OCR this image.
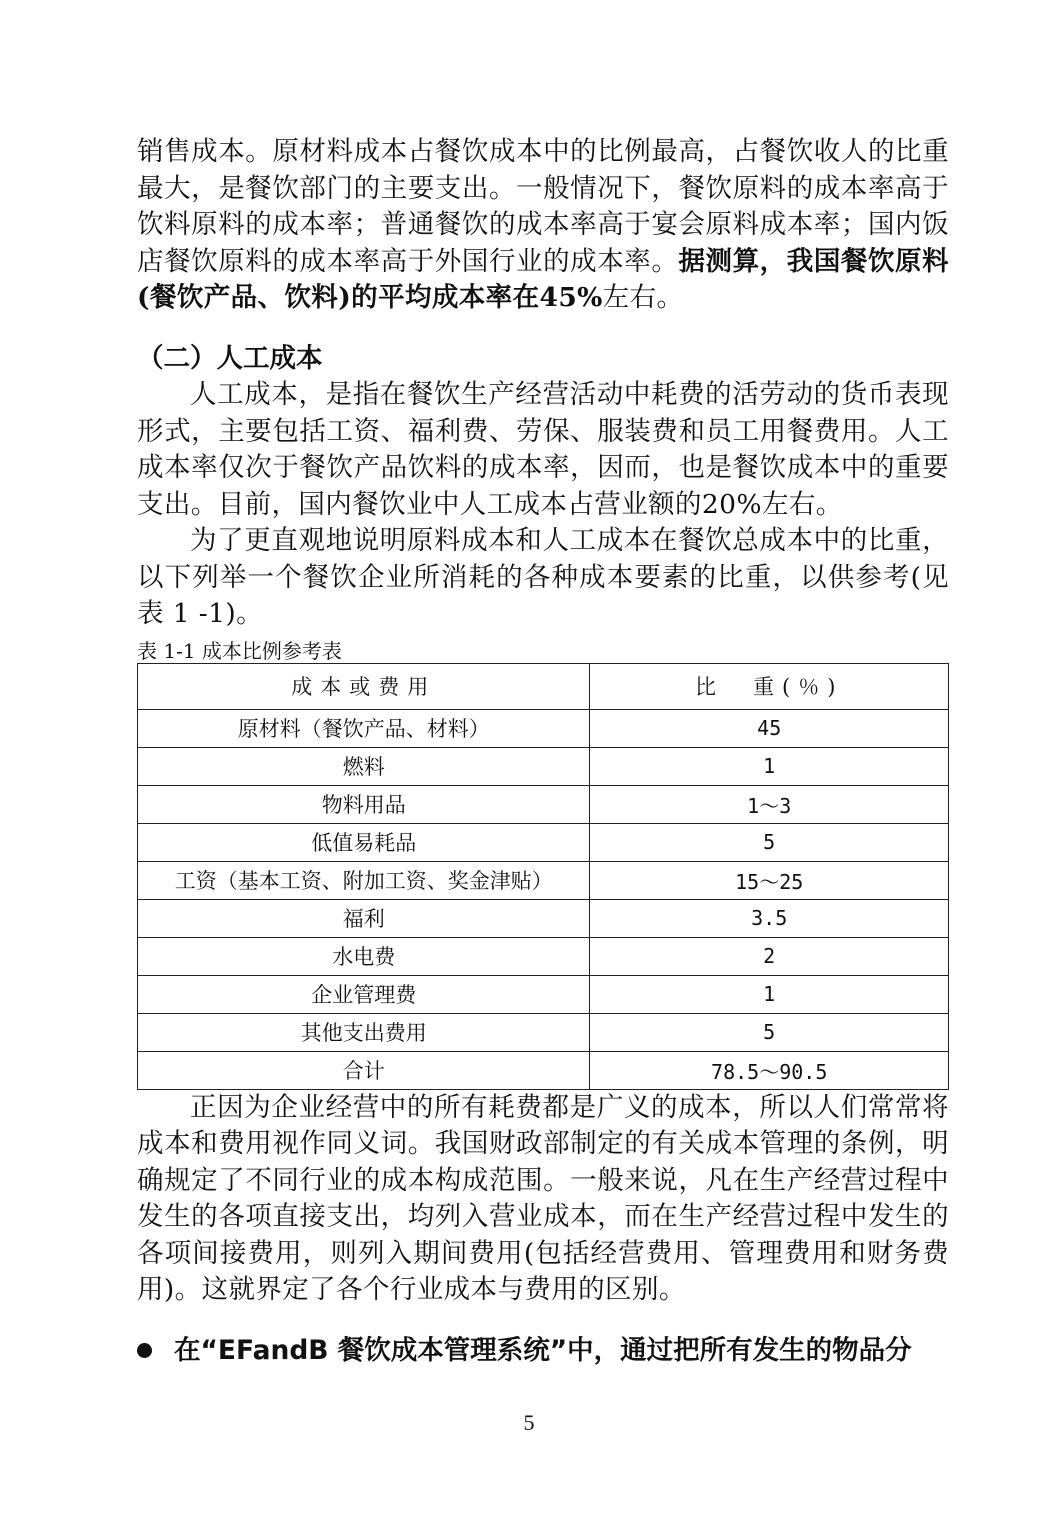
销售成本。原材料成本占餐饮成本中的比例最高，占餐饮收人的比重最大，是餐饮部门的主要支出。一般情况下，餐饮原料的成本率高于饮料原料的成本率；普通餐饮的成本率高于宴会原料成本率；国内饭店餐饮原料的成本率高于外国行业的成本率。据测算，我国餐饮原料(餐饮产品、饮料)的平均成本率在45%左右。

（二）人工成本

人工成本，是指在餐饮生产经营活动中耗费的活劳动的货币表现形式，主要包括工资、福利费、劳保、服装费和员工用餐费用。人工成本率仅次于餐饮产品饮料的成本率，因而，也是餐饮成本中的重要支出。目前，国内餐饮业中人工成本占营业额的20%左右。

为了更直观地说明原料成本和人工成本在餐饮总成本中的比重，以下列举一个餐饮企业所消耗的各种成本要素的比重，以供参考(见表 1 -1)。

表 1-1 成本比例参考表
成本或费用	比　重(％)
原材料（餐饮产品、材料）	45
燃料	1
物料用品	1～3
低值易耗品	5
工资（基本工资、附加工资、奖金津贴）	15～25
福利	3.5
水电费	2
企业管理费	1
其他支出费用	5
合计	78.5～90.5

正因为企业经营中的所有耗费都是广义的成本，所以人们常常将成本和费用视作同义词。我国财政部制定的有关成本管理的条例，明确规定了不同行业的成本构成范围。一般来说，凡在生产经营过程中发生的各项直接支出，均列入营业成本，而在生产经营过程中发生的各项间接费用，则列入期间费用(包括经营费用、管理费用和财务费用)。这就界定了各个行业成本与费用的区别。

在“EFandB 餐饮成本管理系统”中，通过把所有发生的物品分
5
